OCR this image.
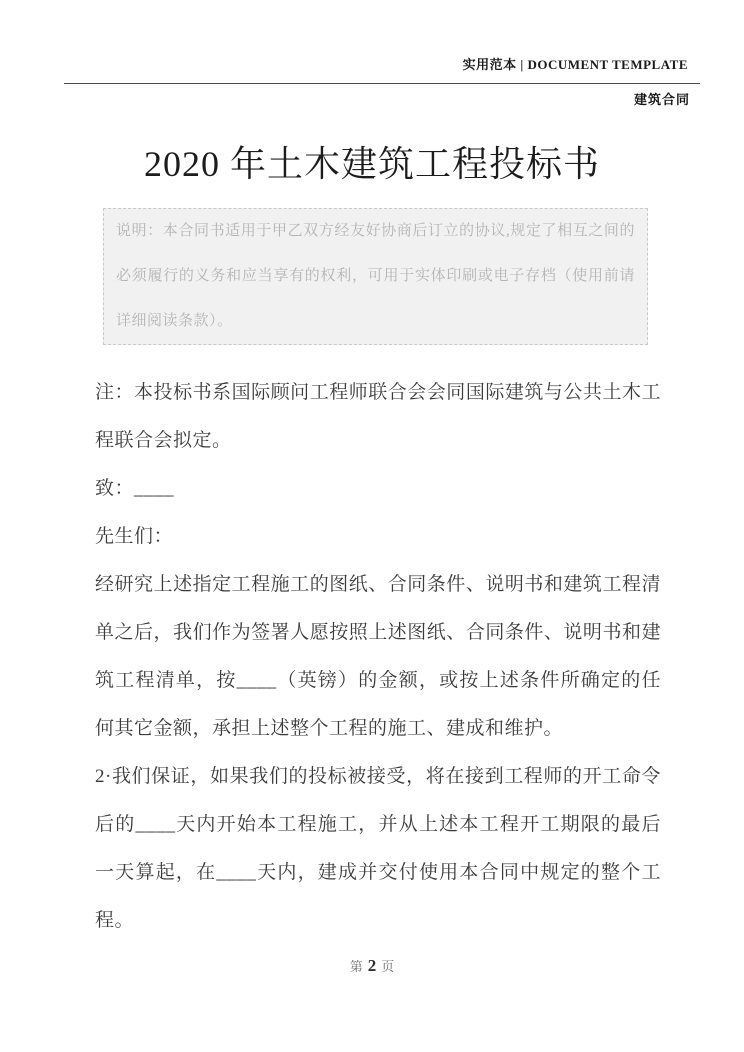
实用范本 | DOCUMENT TEMPLATE
建筑合同
2020 年土木建筑工程投标书
说明：本合同书适用于甲乙双方经友好协商后订立的协议,规定了相互之间的必须履行的义务和应当享有的权利，可用于实体印刷或电子存档（使用前请详细阅读条款）。

注：本投标书系国际顾问工程师联合会会同国际建筑与公共土木工程联合会拟定。

致：____

先生们：

经研究上述指定工程施工的图纸、合同条件、说明书和建筑工程清单之后，我们作为签署人愿按照上述图纸、合同条件、说明书和建筑工程清单，按____（英镑）的金额，或按上述条件所确定的任何其它金额，承担上述整个工程的施工、建成和维护。

2·我们保证，如果我们的投标被接受，将在接到工程师的开工命令后的____天内开始本工程施工，并从上述本工程开工期限的最后一天算起，在____天内，建成并交付使用本合同中规定的整个工程。

第 2 页
